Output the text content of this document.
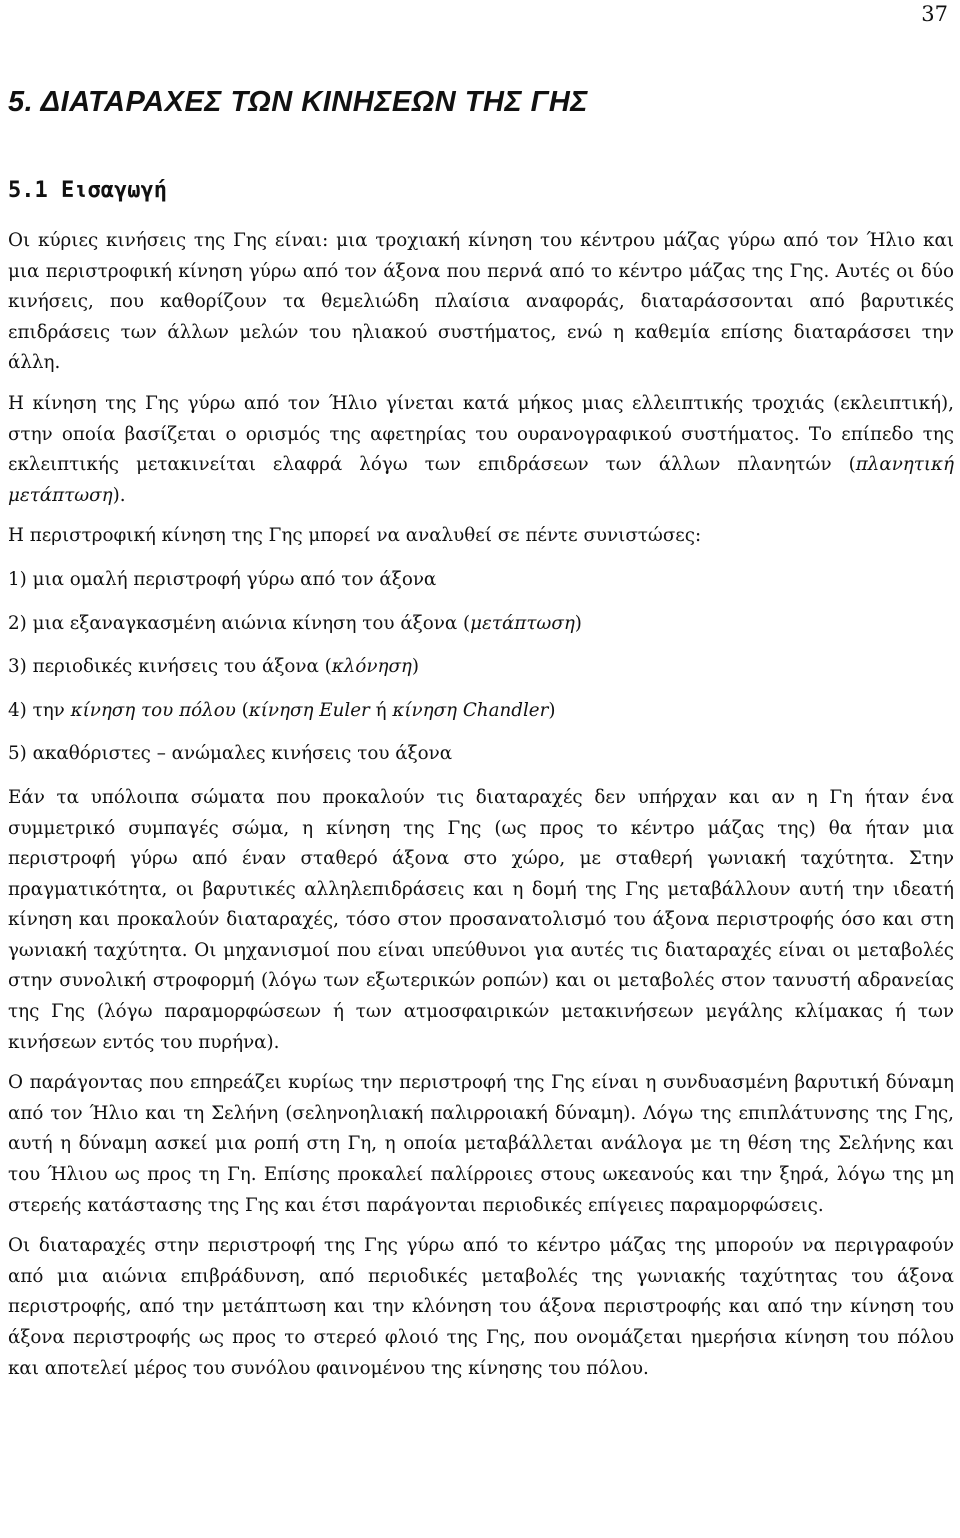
37
5. ΔΙΑΤΑΡΑΧΕΣ ΤΩΝ ΚΙΝΗΣΕΩΝ ΤΗΣ ΓΗΣ
5.1 Εισαγωγή

Οι κύριες κινήσεις της Γης είναι: μια τροχιακή κίνηση του κέντρου μάζας γύρω από τον Ήλιο και μια περιστροφική κίνηση γύρω από τον άξονα που περνά από το κέντρο μάζας της Γης. Αυτές οι δύο κινήσεις, που καθορίζουν τα θεμελιώδη πλαίσια αναφοράς, διαταράσσονται από βαρυτικές επιδράσεις των άλλων μελών του ηλιακού συστήματος, ενώ η καθεμία επίσης διαταράσσει την άλλη.

Η κίνηση της Γης γύρω από τον Ήλιο γίνεται κατά μήκος μιας ελλειπτικής τροχιάς (εκλειπτική), στην οποία βασίζεται ο ορισμός της αφετηρίας του ουρανογραφικού συστήματος. Το επίπεδο της εκλειπτικής μετακινείται ελαφρά λόγω των επιδράσεων των άλλων πλανητών (πλανητική μετάπτωση).

Η περιστροφική κίνηση της Γης μπορεί να αναλυθεί σε πέντε συνιστώσες:

1) μια ομαλή περιστροφή γύρω από τον άξονα

2) μια εξαναγκασμένη αιώνια κίνηση του άξονα (μετάπτωση)

3) περιοδικές κινήσεις του άξονα (κλόνηση)

4) την κίνηση του πόλου (κίνηση Euler ή κίνηση Chandler)

5) ακαθόριστες – ανώμαλες κινήσεις του άξονα

Εάν τα υπόλοιπα σώματα που προκαλούν τις διαταραχές δεν υπήρχαν και αν η Γη ήταν ένα συμμετρικό συμπαγές σώμα, η κίνηση της Γης (ως προς το κέντρο μάζας της) θα ήταν μια περιστροφή γύρω από έναν σταθερό άξονα στο χώρο, με σταθερή γωνιακή ταχύτητα. Στην πραγματικότητα, οι βαρυτικές αλληλεπιδράσεις και η δομή της Γης μεταβάλλουν αυτή την ιδεατή κίνηση και προκαλούν διαταραχές, τόσο στον προσανατολισμό του άξονα περιστροφής όσο και στη γωνιακή ταχύτητα. Οι μηχανισμοί που είναι υπεύθυνοι για αυτές τις διαταραχές είναι οι μεταβολές στην συνολική στροφορμή (λόγω των εξωτερικών ροπών) και οι μεταβολές στον τανυστή αδρανείας της Γης (λόγω παραμορφώσεων ή των ατμοσφαιρικών μετακινήσεων μεγάλης κλίμακας ή των κινήσεων εντός του πυρήνα).

Ο παράγοντας που επηρεάζει κυρίως την περιστροφή της Γης είναι η συνδυασμένη βαρυτική δύναμη από τον Ήλιο και τη Σελήνη (σεληνοηλιακή παλιρροιακή δύναμη). Λόγω της επιπλάτυνσης της Γης, αυτή η δύναμη ασκεί μια ροπή στη Γη, η οποία μεταβάλλεται ανάλογα με τη θέση της Σελήνης και του Ήλιου ως προς τη Γη. Επίσης προκαλεί παλίρροιες στους ωκεανούς και την ξηρά, λόγω της μη στερεής κατάστασης της Γης και έτσι παράγονται περιοδικές επίγειες παραμορφώσεις.

Οι διαταραχές στην περιστροφή της Γης γύρω από το κέντρο μάζας της μπορούν να περιγραφούν από μια αιώνια επιβράδυνση, από περιοδικές μεταβολές της γωνιακής ταχύτητας του άξονα περιστροφής, από την μετάπτωση και την κλόνηση του άξονα περιστροφής και από την κίνηση του άξονα περιστροφής ως προς το στερεό φλοιό της Γης, που ονομάζεται ημερήσια κίνηση του πόλου και αποτελεί μέρος του συνόλου φαινομένου της κίνησης του πόλου.
